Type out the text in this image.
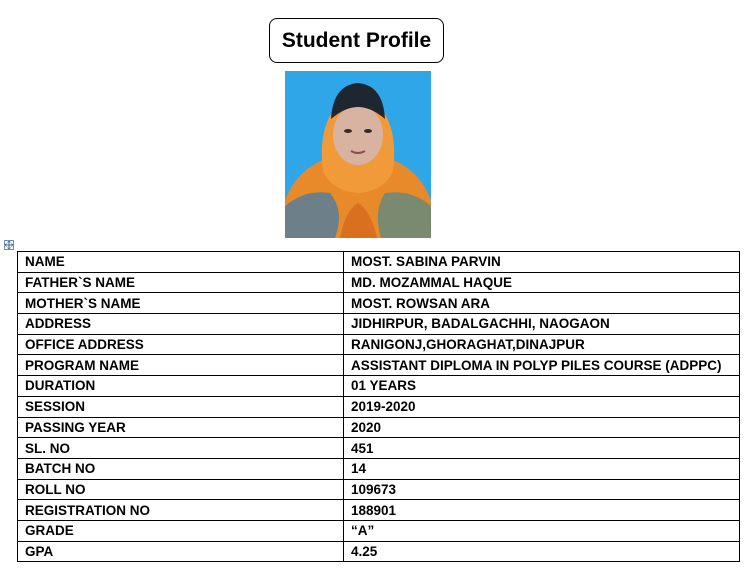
Student Profile
NAME	MOST. SABINA PARVIN
FATHER`S NAME	MD. MOZAMMAL HAQUE
MOTHER`S NAME	MOST. ROWSAN ARA
ADDRESS	JIDHIRPUR, BADALGACHHI, NAOGAON
OFFICE ADDRESS	RANIGONJ,GHORAGHAT,DINAJPUR
PROGRAM NAME	ASSISTANT DIPLOMA IN POLYP PILES COURSE (ADPPC)
DURATION	01 YEARS
SESSION	2019-2020
PASSING YEAR	2020
SL. NO	451
BATCH NO	14
ROLL NO	109673
REGISTRATION NO	188901
GRADE	“A”
GPA	4.25
